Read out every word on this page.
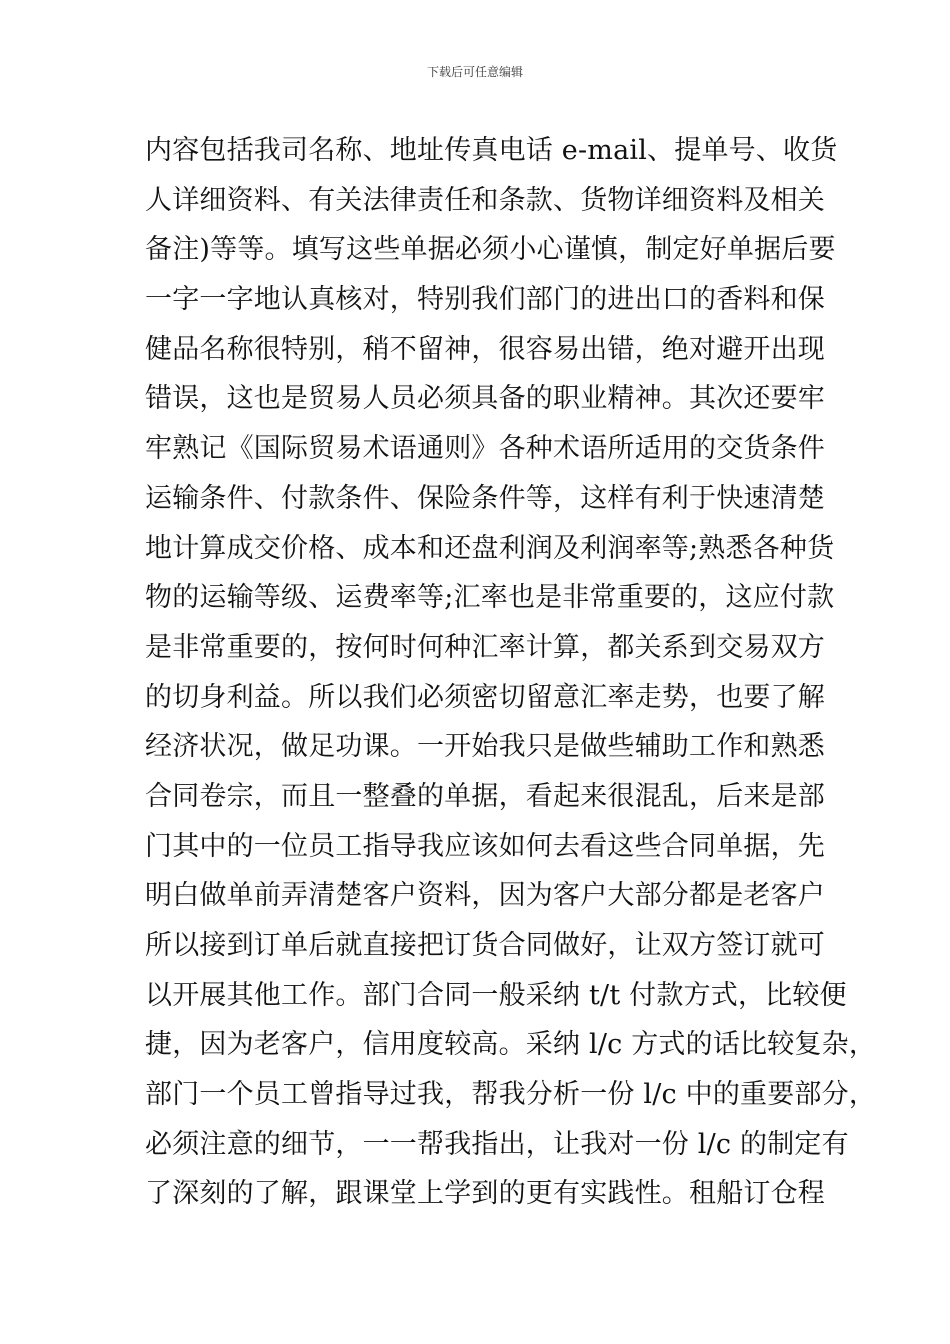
下载后可任意编辑
内容包括我司名称、地址传真电话 e-mail、提单号、收货
人详细资料、有关法律责任和条款、货物详细资料及相关
备注)等等。填写这些单据必须小心谨慎，制定好单据后要
一字一字地认真核对，特别我们部门的进出口的香料和保
健品名称很特别，稍不留神，很容易出错，绝对避开出现
错误，这也是贸易人员必须具备的职业精神。其次还要牢
牢熟记《国际贸易术语通则》各种术语所适用的交货条件
运输条件、付款条件、保险条件等，这样有利于快速清楚
地计算成交价格、成本和还盘利润及利润率等;熟悉各种货
物的运输等级、运费率等;汇率也是非常重要的，这应付款
是非常重要的，按何时何种汇率计算，都关系到交易双方
的切身利益。所以我们必须密切留意汇率走势，也要了解
经济状况，做足功课。一开始我只是做些辅助工作和熟悉
合同卷宗，而且一整叠的单据，看起来很混乱，后来是部
门其中的一位员工指导我应该如何去看这些合同单据，先
明白做单前弄清楚客户资料，因为客户大部分都是老客户
所以接到订单后就直接把订货合同做好，让双方签订就可
以开展其他工作。部门合同一般采纳 t/t 付款方式，比较便
捷，因为老客户，信用度较高。采纳 l/c 方式的话比较复杂，
部门一个员工曾指导过我，帮我分析一份 l/c 中的重要部分，
必须注意的细节，一一帮我指出，让我对一份 l/c 的制定有
了深刻的了解，跟课堂上学到的更有实践性。租船订仓程
